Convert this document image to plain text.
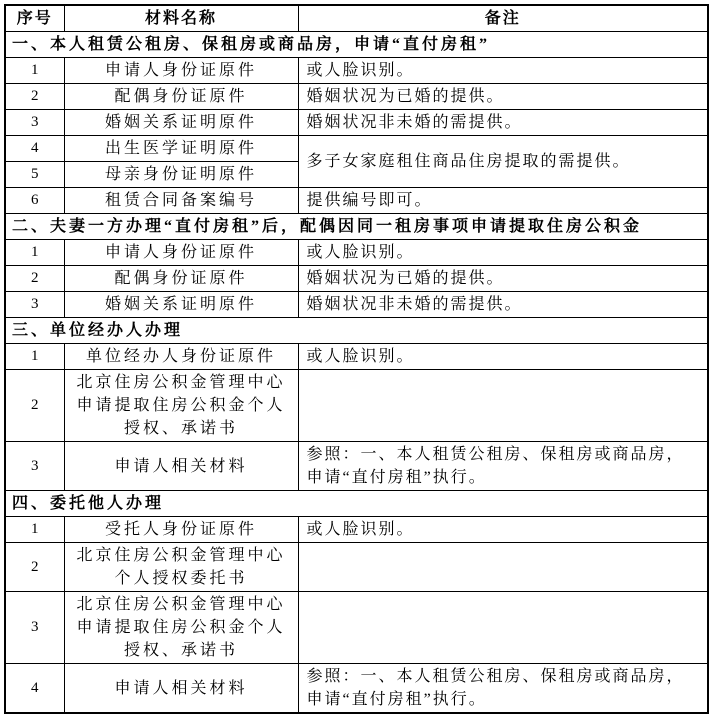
序号	材料名称	备注
一、本人租赁公租房、保租房或商品房，申请“直付房租”		
1	申请人身份证原件	或人脸识别。
2	配偶身份证原件	婚姻状况为已婚的提供。
3	婚姻关系证明原件	婚姻状况非未婚的需提供。
4	出生医学证明原件	多子女家庭租住商品住房提取的需提供。
5	母亲身份证明原件	
6	租赁合同备案编号	提供编号即可。
二、夫妻一方办理“直付房租”后，配偶因同一租房事项申请提取住房公积金		
1	申请人身份证原件	或人脸识别。
2	配偶身份证原件	婚姻状况为已婚的提供。
3	婚姻关系证明原件	婚姻状况非未婚的需提供。
三、单位经办人办理		
1	单位经办人身份证原件	或人脸识别。
2	北京住房公积金管理中心
申请提取住房公积金个人
授权、承诺书	

3	申请人相关材料	参照：一、本人租赁公租房、保租房或商品房，
申请“直付房租”执行。

四、委托他人办理		
1	受托人身份证原件	或人脸识别。
2	北京住房公积金管理中心
个人授权委托书	

3	北京住房公积金管理中心
申请提取住房公积金个人
授权、承诺书	

4	申请人相关材料	参照：一、本人租赁公租房、保租房或商品房，
申请“直付房租”执行。
